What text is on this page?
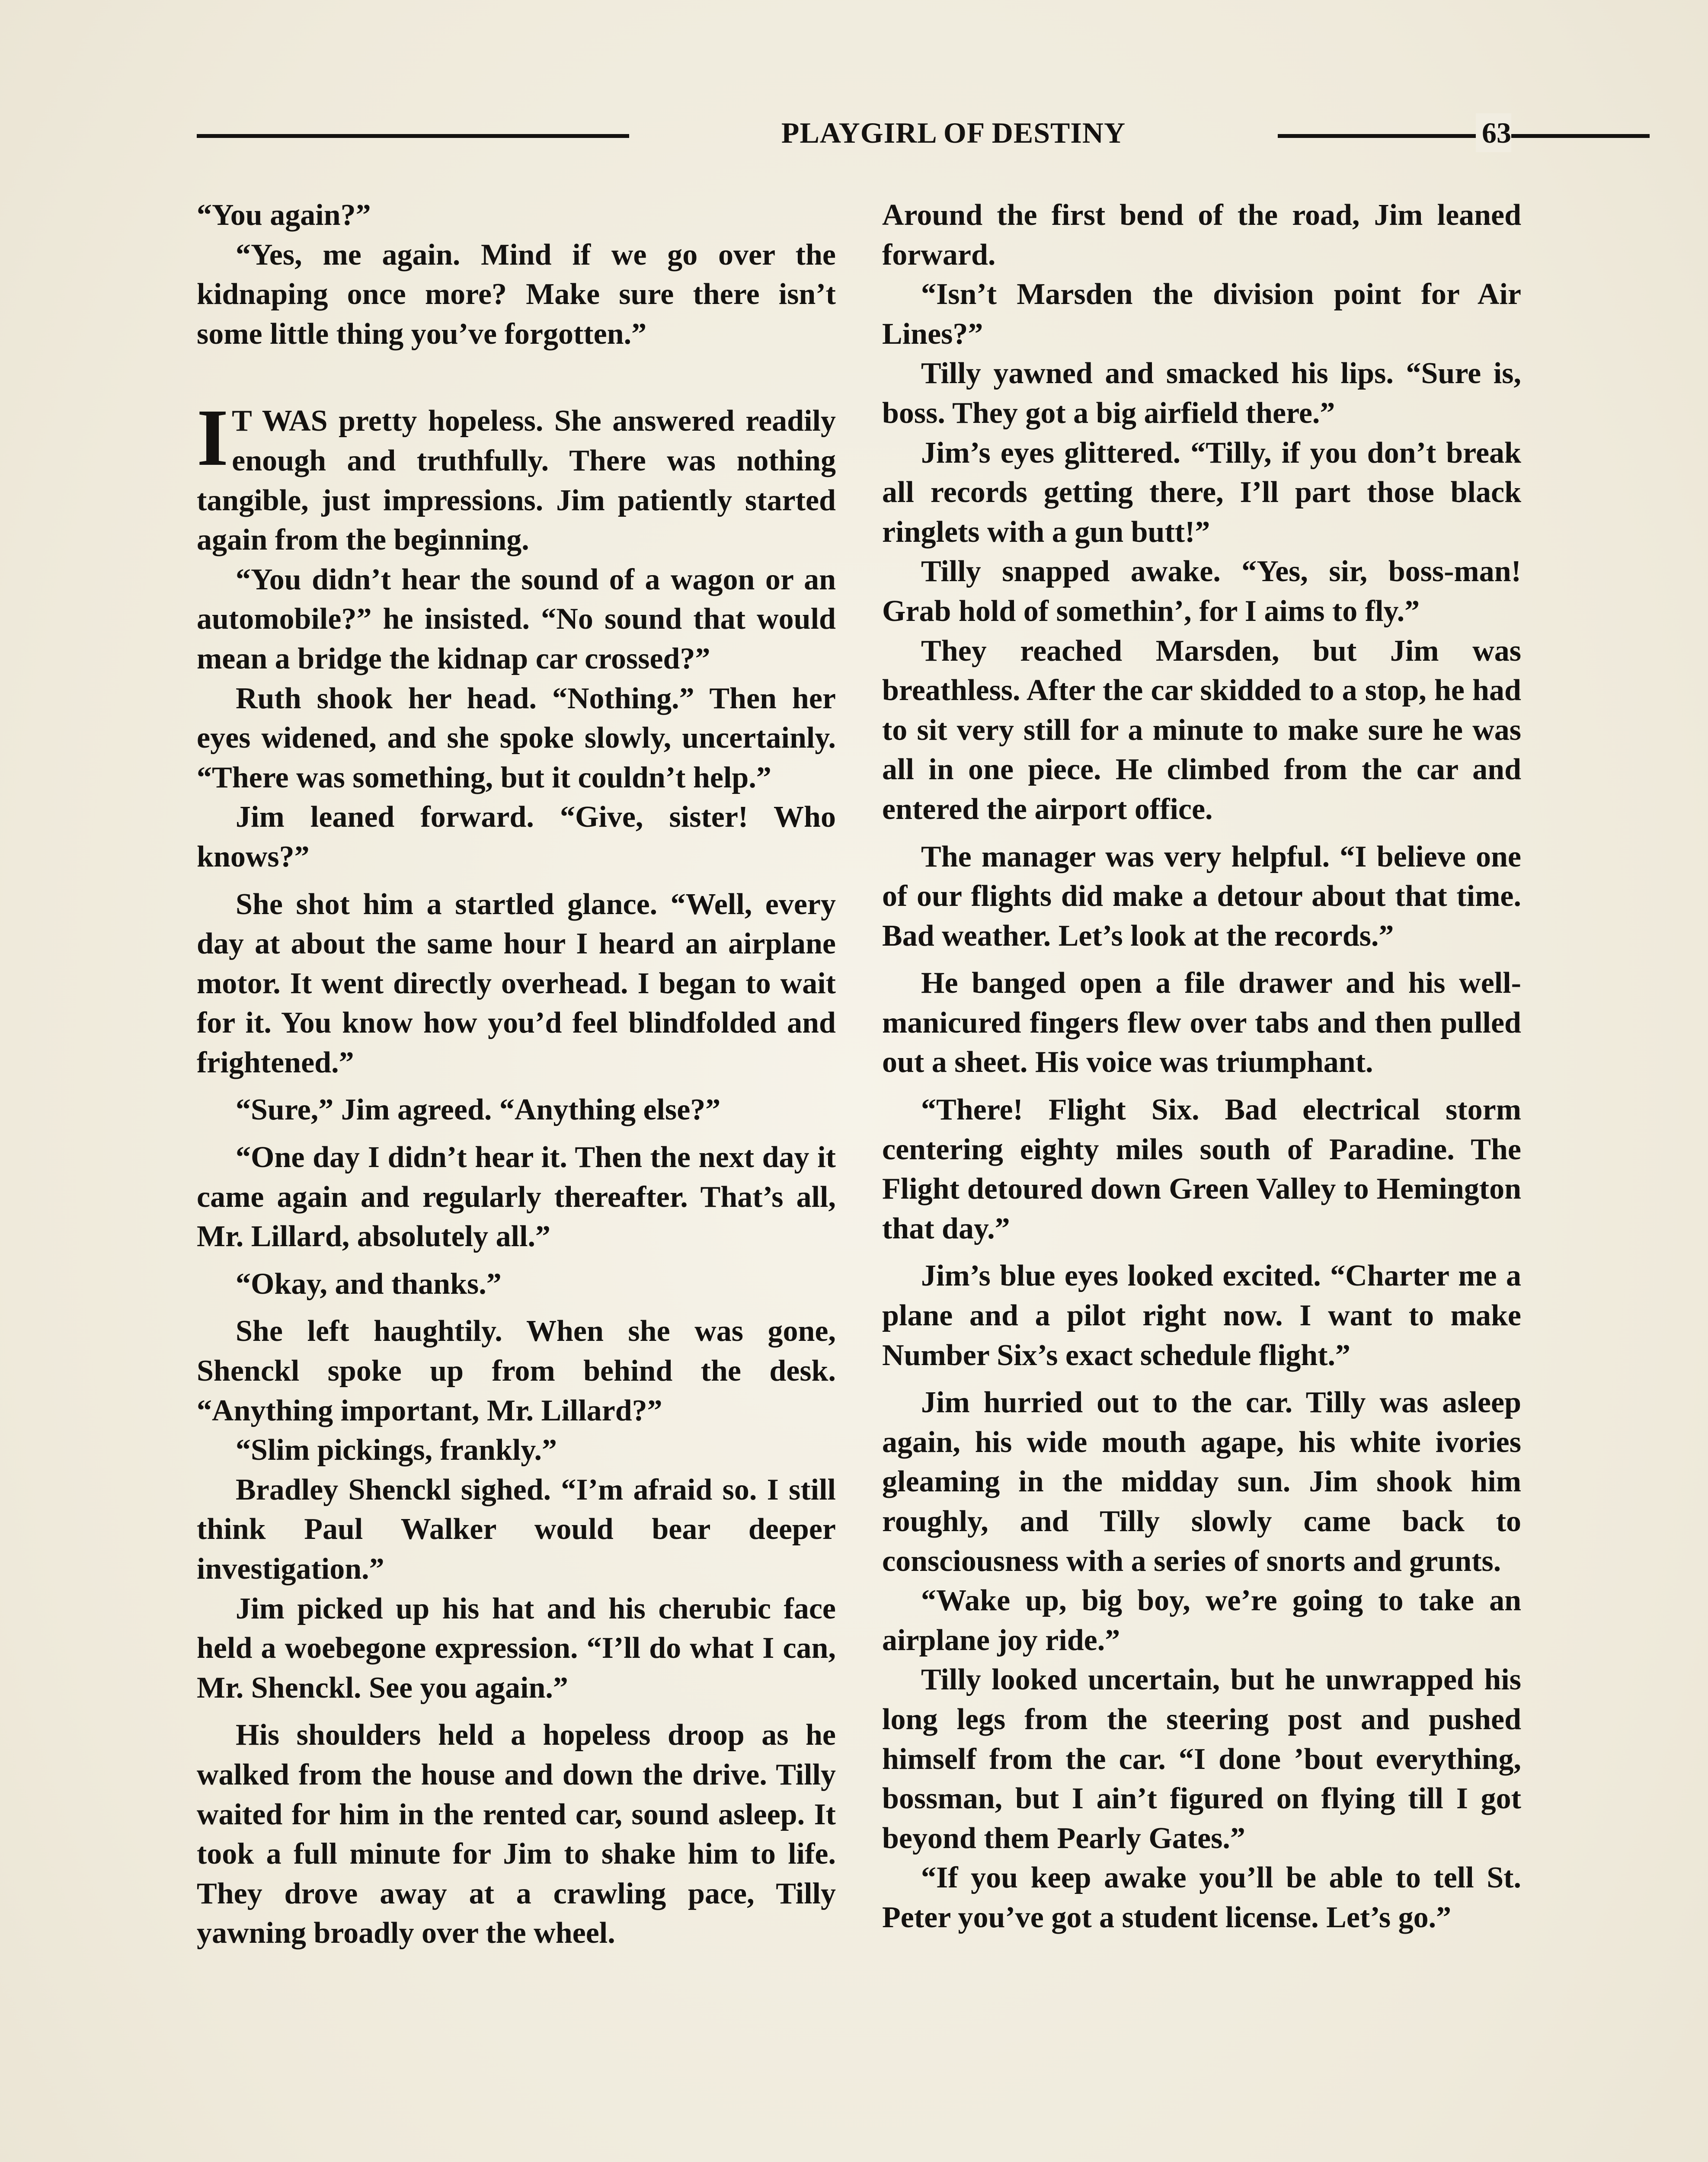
PLAYGIRL OF DESTINY	63

“You again?”

“Yes, me again. Mind if we go over the kidnaping once more? Make sure there isn’t some little thing you’ve forgotten.”

I T WAS pretty hopeless. She answered readily enough and truthfully. There was nothing tangible, just impressions. Jim patiently started again from the beginning.

“You didn’t hear the sound of a wagon or an automobile?” he insisted. “No sound that would mean a bridge the kidnap car crossed?”

Ruth shook her head. “Nothing.” Then her eyes widened, and she spoke slowly, uncertainly. “There was something, but it couldn’t help.”

Jim leaned forward. “Give, sister! Who knows?”

She shot him a startled glance. “Well, every day at about the same hour I heard an airplane motor. It went directly overhead. I began to wait for it. You know how you’d feel blindfolded and frightened.”

“Sure,” Jim agreed. “Anything else?”

“One day I didn’t hear it. Then the next day it came again and regularly thereafter. That’s all, Mr. Lillard, absolutely all.”

“Okay, and thanks.”

She left haughtily. When she was gone, Shenckl spoke up from behind the desk. “Anything important, Mr. Lillard?”

“Slim pickings, frankly.”

Bradley Shenckl sighed. “I’m afraid so. I still think Paul Walker would bear deeper investigation.”

Jim picked up his hat and his cherubic face held a woebegone expression. “I’ll do what I can, Mr. Shenckl. See you again.”

His shoulders held a hopeless droop as he walked from the house and down the drive. Tilly waited for him in the rented car, sound asleep. It took a full minute for Jim to shake him to life. They drove away at a crawling pace, Tilly yawning broadly over the wheel.

Around the first bend of the road, Jim leaned forward.

“Isn’t Marsden the division point for Air Lines?”

Tilly yawned and smacked his lips. “Sure is, boss. They got a big airfield there.”

Jim’s eyes glittered. “Tilly, if you don’t break all records getting there, I’ll part those black ringlets with a gun butt!”

Tilly snapped awake. “Yes, sir, boss-man! Grab hold of somethin’, for I aims to fly.”

They reached Marsden, but Jim was breathless. After the car skidded to a stop, he had to sit very still for a minute to make sure he was all in one piece. He climbed from the car and entered the airport office.

The manager was very helpful. “I believe one of our flights did make a detour about that time. Bad weather. Let’s look at the records.”

He banged open a file drawer and his well-manicured fingers flew over tabs and then pulled out a sheet. His voice was triumphant.

“There! Flight Six. Bad electrical storm centering eighty miles south of Paradine. The Flight detoured down Green Valley to Hemington that day.”

Jim’s blue eyes looked excited. “Charter me a plane and a pilot right now. I want to make Number Six’s exact schedule flight.”

Jim hurried out to the car. Tilly was asleep again, his wide mouth agape, his white ivories gleaming in the midday sun. Jim shook him roughly, and Tilly slowly came back to consciousness with a series of snorts and grunts.

“Wake up, big boy, we’re going to take an airplane joy ride.”

Tilly looked uncertain, but he unwrapped his long legs from the steering post and pushed himself from the car. “I done ’bout everything, bossman, but I ain’t figured on flying till I got beyond them Pearly Gates.”

“If you keep awake you’ll be able to tell St. Peter you’ve got a student license. Let’s go.”
